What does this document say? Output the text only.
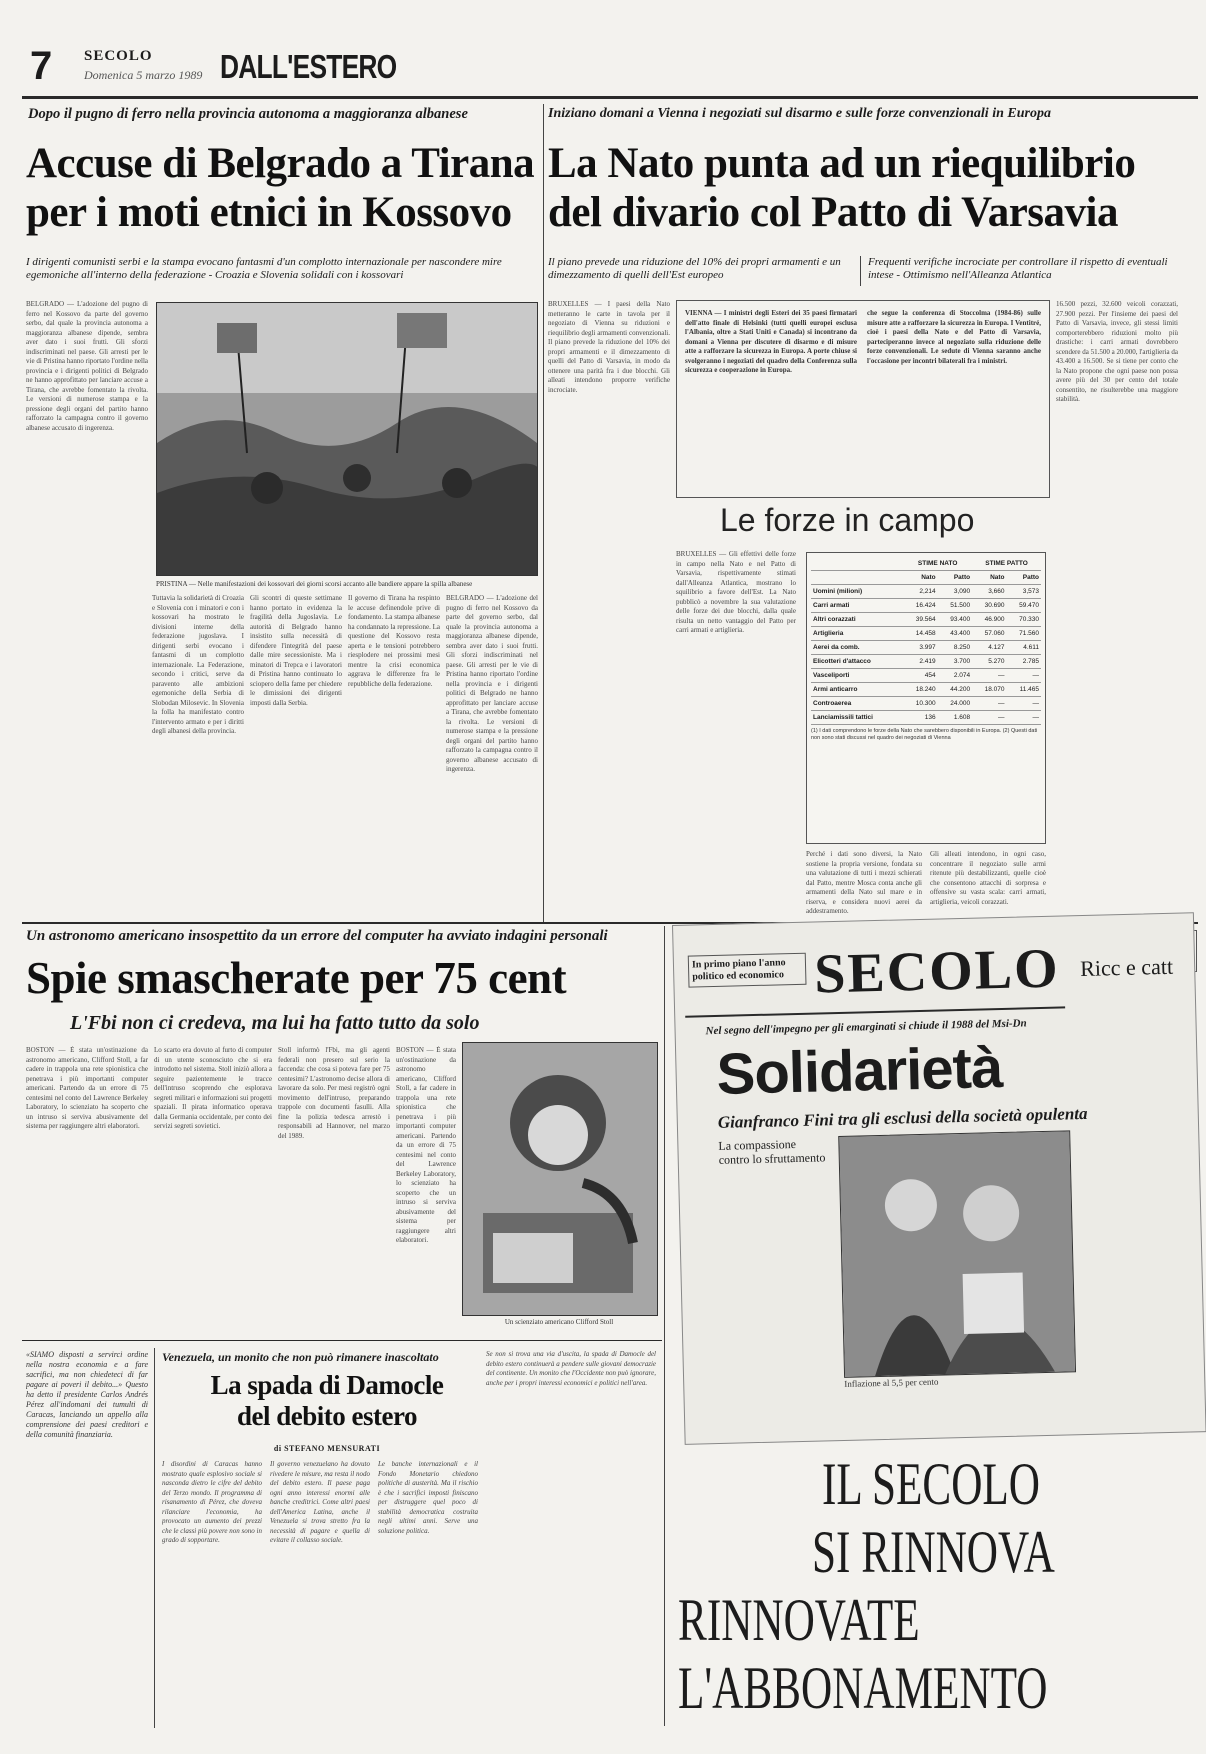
7 SECOLO
Domenica 5 marzo 1989 DALL'ESTERO
Dopo il pugno di ferro nella provincia autonoma a maggioranza albanese
Accuse di Belgrado a Tirana
per i moti etnici in Kossovo
I dirigenti comunisti serbi e la stampa evocano fantasmi d'un complotto internazionale per nascondere mire egemoniche all'interno della federazione - Croazia e Slovenia solidali con i kossovari
BELGRADO — L'adozione del pugno di ferro nel Kossovo da parte del governo serbo, dal quale la provincia autonoma a maggioranza albanese dipende, sembra aver dato i suoi frutti. Gli sforzi indiscriminati nel paese. Gli arresti per le vie di Pristina hanno riportato l'ordine nella provincia e i dirigenti politici di Belgrado ne hanno approfittato per lanciare accuse a Tirana, che avrebbe fomentato la rivolta. Le versioni di numerose stampa e la pressione degli organi del partito hanno rafforzato la campagna contro il governo albanese accusato di ingerenza.
PRISTINA — Nelle manifestazioni dei kossovari dei giorni scorsi accanto alle bandiere appare la spilla albanese
Tuttavia la solidarietà di Croazia e Slovenia con i minatori e con i kossovari ha mostrato le divisioni interne della federazione jugoslava. I dirigenti serbi evocano i fantasmi di un complotto internazionale. La Federazione, secondo i critici, serve da paravento alle ambizioni egemoniche della Serbia di Slobodan Milosevic. In Slovenia la folla ha manifestato contro l'intervento armato e per i diritti degli albanesi della provincia.
Gli scontri di queste settimane hanno portato in evidenza la fragilità della Jugoslavia. Le autorità di Belgrado hanno insistito sulla necessità di difendere l'integrità del paese dalle mire secessioniste. Ma i minatori di Trepca e i lavoratori di Pristina hanno continuato lo sciopero della fame per chiedere le dimissioni dei dirigenti imposti dalla Serbia.
Il governo di Tirana ha respinto le accuse definendole prive di fondamento. La stampa albanese ha condannato la repressione. La questione del Kossovo resta aperta e le tensioni potrebbero riesplodere nei prossimi mesi mentre la crisi economica aggrava le differenze fra le repubbliche della federazione.
BELGRADO — L'adozione del pugno di ferro nel Kossovo da parte del governo serbo, dal quale la provincia autonoma a maggioranza albanese dipende, sembra aver dato i suoi frutti. Gli sforzi indiscriminati nel paese. Gli arresti per le vie di Pristina hanno riportato l'ordine nella provincia e i dirigenti politici di Belgrado ne hanno approfittato per lanciare accuse a Tirana, che avrebbe fomentato la rivolta. Le versioni di numerose stampa e la pressione degli organi del partito hanno rafforzato la campagna contro il governo albanese accusato di ingerenza.
Iniziano domani a Vienna i negoziati sul disarmo e sulle forze convenzionali in Europa
La Nato punta ad un riequilibrio
del divario col Patto di Varsavia
Il piano prevede una riduzione del 10% dei propri armamenti e un dimezzamento di quelli dell'Est europeo
Frequenti verifiche incrociate per controllare il rispetto di eventuali intese - Ottimismo nell'Alleanza Atlantica
BRUXELLES — I paesi della Nato metteranno le carte in tavola per il negoziato di Vienna su riduzioni e riequilibrio degli armamenti convenzionali. Il piano prevede la riduzione del 10% dei propri armamenti e il dimezzamento di quelli del Patto di Varsavia, in modo da ottenere una parità fra i due blocchi. Gli alleati intendono proporre verifiche incrociate.
VIENNA — I ministri degli Esteri dei 35 paesi firmatari dell'atto finale di Helsinki (tutti quelli europei esclusa l'Albania, oltre a Stati Uniti e Canada) si incontrano da domani a Vienna per discutere di disarmo e di misure atte a rafforzare la sicurezza in Europa. A porte chiuse si svolgeranno i negoziati del quadro della Conferenza sulla sicurezza e cooperazione in Europa.
che segue la conferenza di Stoccolma (1984-86) sulle misure atte a rafforzare la sicurezza in Europa. I Ventitré, cioè i paesi della Nato e del Patto di Varsavia, parteciperanno invece al negoziato sulla riduzione delle forze convenzionali. Le sedute di Vienna saranno anche l'occasione per incontri bilaterali fra i ministri.
16.500 pezzi, 32.600 veicoli corazzati, 27.900 pezzi. Per l'insieme dei paesi del Patto di Varsavia, invece, gli stessi limiti comporterebbero riduzioni molto più drastiche: i carri armati dovrebbero scendere da 51.500 a 20.000, l'artiglieria da 43.400 a 16.500. Se si tiene per conto che la Nato propone che ogni paese non possa avere più del 30 per cento del totale consentito, ne risulterebbe una maggiore stabilità.
Le forze in campo
BRUXELLES — Gli effettivi delle forze in campo nella Nato e nel Patto di Varsavia, rispettivamente stimati dall'Alleanza Atlantica, mostrano lo squilibrio a favore dell'Est. La Nato pubblicò a novembre la sua valutazione delle forze dei due blocchi, dalla quale risulta un netto vantaggio del Patto per carri armati e artiglieria.
	STIME NATO		STIME PATTO	
	Nato	Patto	Nato	Patto
Uomini (milioni)	2,214	3,090	3,660	3,573
Carri armati	16.424	51.500	30.690	59.470
Altri corazzati	39.564	93.400	46.900	70.330
Artiglieria	14.458	43.400	57.060	71.560
Aerei da comb.	3.997	8.250	4.127	4.611
Elicotteri d'attacco	2.419	3.700	5.270	2.785
Vasceliporti	454	2.074	—	—
Armi anticarro	18.240	44.200	18.070	11.465
Controaerea	10.300	24.000	—	—
Lanciamissili tattici	136	1.608	—	—
(1) I dati comprendono le forze della Nato che sarebbero disponibili in Europa. (2) Questi dati non sono stati discussi nel quadro dei negoziati di Vienna
Perché i dati sono diversi, la Nato sostiene la propria versione, fondata su una valutazione di tutti i mezzi schierati dal Patto, mentre Mosca conta anche gli armamenti della Nato sul mare e in riserva, e considera nuovi aerei da addestramento.
Gli alleati intendono, in ogni caso, concentrare il negoziato sulle armi ritenute più destabilizzanti, quelle cioè che consentono attacchi di sorpresa e offensive su vasta scala: carri armati, artiglieria, veicoli corazzati.
Un astronomo americano insospettito da un errore del computer ha avviato indagini personali
Spie smascherate per 75 cent
L'Fbi non ci credeva, ma lui ha fatto tutto da solo
BOSTON — È stata un'ostinazione da astronomo americano, Clifford Stoll, a far cadere in trappola una rete spionistica che penetrava i più importanti computer americani. Partendo da un errore di 75 centesimi nel conto del Lawrence Berkeley Laboratory, lo scienziato ha scoperto che un intruso si serviva abusivamente del sistema per raggiungere altri elaboratori.
Lo scarto era dovuto al furto di computer di un utente sconosciuto che si era introdotto nel sistema. Stoll iniziò allora a seguire pazientemente le tracce dell'intruso scoprendo che esplorava segreti militari e informazioni sui progetti spaziali. Il pirata informatico operava dalla Germania occidentale, per conto dei servizi segreti sovietici.
Stoll informò l'Fbi, ma gli agenti federali non presero sul serio la faccenda: che cosa si poteva fare per 75 centesimi? L'astronomo decise allora di lavorare da solo. Per mesi registrò ogni movimento dell'intruso, preparando trappole con documenti fasulli. Alla fine la polizia tedesca arrestò i responsabili ad Hannover, nel marzo del 1989.
BOSTON — È stata un'ostinazione da astronomo americano, Clifford Stoll, a far cadere in trappola una rete spionistica che penetrava i più importanti computer americani. Partendo da un errore di 75 centesimi nel conto del Lawrence Berkeley Laboratory, lo scienziato ha scoperto che un intruso si serviva abusivamente del sistema per raggiungere altri elaboratori.
Un scienziato americano Clifford Stoll
«SIAMO disposti a servirci ordine nella nostra economia e a fare sacrifici, ma non chiedeteci di far pagare ai poveri il debito...» Questo ha detto il presidente Carlos Andrés Pérez all'indomani dei tumulti di Caracas, lanciando un appello alla comprensione dei paesi creditori e della comunità finanziaria.
Venezuela, un monito che non può rimanere inascoltato
La spada di Damocle
del debito estero
di STEFANO MENSURATI
I disordini di Caracas hanno mostrato quale esplosivo sociale si nasconda dietro le cifre del debito del Terzo mondo. Il programma di risanamento di Pérez, che doveva rilanciare l'economia, ha provocato un aumento dei prezzi che le classi più povere non sono in grado di sopportare.
Il governo venezuelano ha dovuto rivedere le misure, ma resta il nodo del debito estero. Il paese paga ogni anno interessi enormi alle banche creditrici. Come altri paesi dell'America Latina, anche il Venezuela si trova stretto fra la necessità di pagare e quella di evitare il collasso sociale.
Le banche internazionali e il Fondo Monetario chiedono politiche di austerità. Ma il rischio è che i sacrifici imposti finiscano per distruggere quel poco di stabilità democratica costruita negli ultimi anni. Serve una soluzione politica.
Se non si trova una via d'uscita, la spada di Damocle del debito estero continuerà a pendere sulle giovani democrazie del continente. Un monito che l'Occidente non può ignorare, anche per i propri interessi economici e politici nell'area.
In primo piano l'anno politico ed economico SECOLO
Nel segno dell'impegno per gli emarginati si chiude il 1988 del Msi-Dn
Solidarietà
Gianfranco Fini tra gli esclusi della società opulenta
La compassione contro lo sfruttamento
Ricc e catt
Inflazione al 5,5 per cento
IL SECOLO
SI RINNOVA
RINNOVATE
L'ABBONAMENTO
